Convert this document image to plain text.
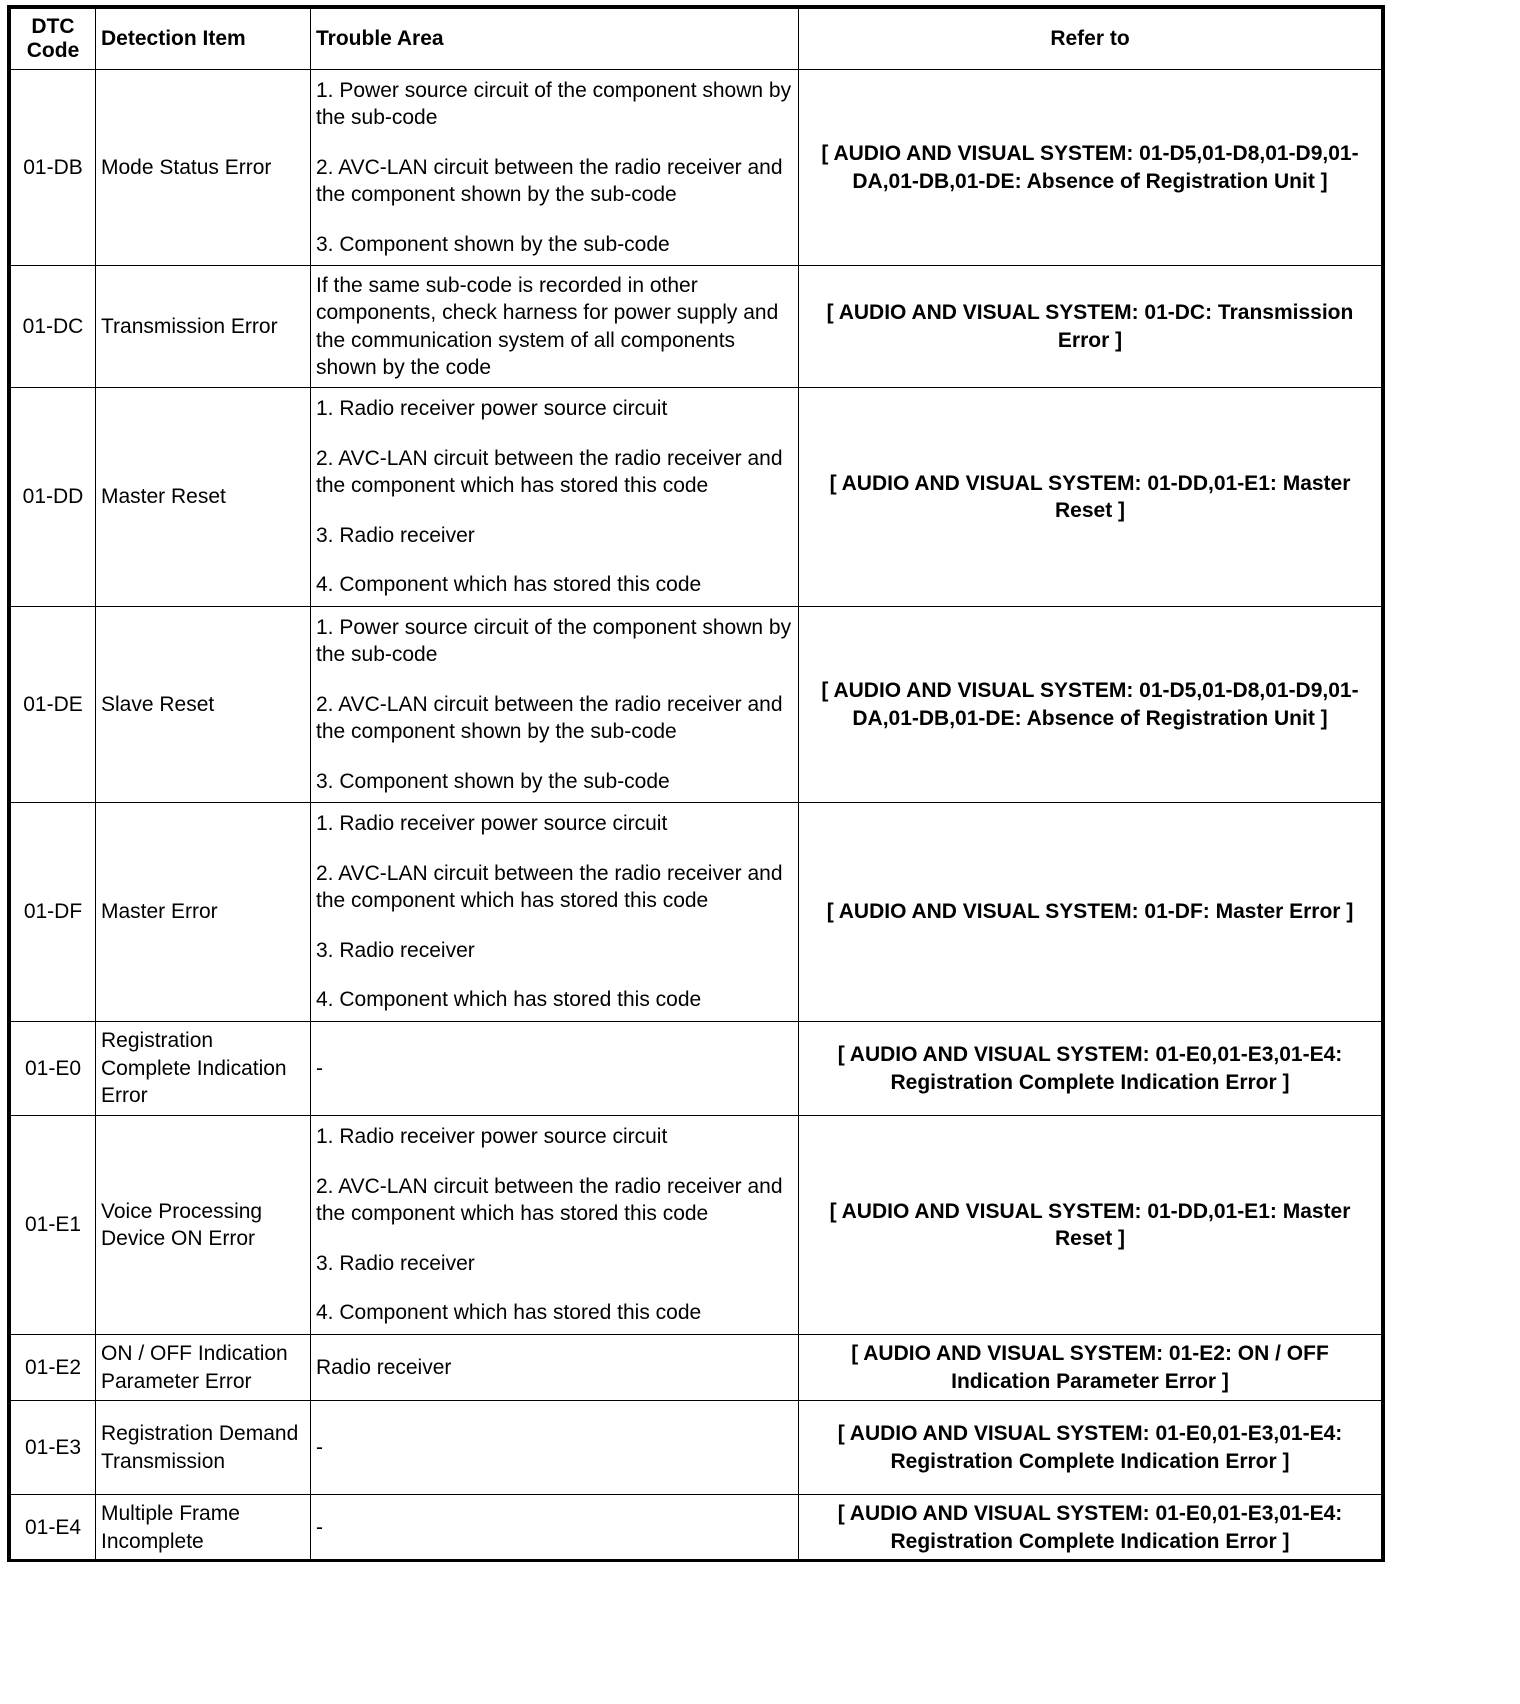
DTC
Code	Detection Item	Trouble Area	Refer to
01-DB	Mode Status Error	1. Power source circuit of the component shown by the sub-code

2. AVC-LAN circuit between the radio receiver and the component shown by the sub-code

3. Component shown by the sub-code	[ AUDIO AND VISUAL SYSTEM: 01-D5,01-D8,01-D9,01-DA,01-DB,01-DE: Absence of Registration Unit ]
01-DC	Transmission Error	If the same sub-code is recorded in other components, check harness for power supply and the communication system of all components shown by the code	[ AUDIO AND VISUAL SYSTEM: 01-DC: Transmission Error ]
01-DD	Master Reset	1. Radio receiver power source circuit

2. AVC-LAN circuit between the radio receiver and the component which has stored this code

3. Radio receiver

4. Component which has stored this code	[ AUDIO AND VISUAL SYSTEM: 01-DD,01-E1: Master Reset ]
01-DE	Slave Reset	1. Power source circuit of the component shown by the sub-code

2. AVC-LAN circuit between the radio receiver and the component shown by the sub-code

3. Component shown by the sub-code	[ AUDIO AND VISUAL SYSTEM: 01-D5,01-D8,01-D9,01-DA,01-DB,01-DE: Absence of Registration Unit ]
01-DF	Master Error	1. Radio receiver power source circuit

2. AVC-LAN circuit between the radio receiver and the component which has stored this code

3. Radio receiver

4. Component which has stored this code	[ AUDIO AND VISUAL SYSTEM: 01-DF: Master Error ]
01-E0	Registration Complete Indication Error	-	[ AUDIO AND VISUAL SYSTEM: 01-E0,01-E3,01-E4: Registration Complete Indication Error ]
01-E1	Voice Processing Device ON Error	1. Radio receiver power source circuit

2. AVC-LAN circuit between the radio receiver and the component which has stored this code

3. Radio receiver

4. Component which has stored this code	[ AUDIO AND VISUAL SYSTEM: 01-DD,01-E1: Master Reset ]
01-E2	ON / OFF Indication Parameter Error	Radio receiver	[ AUDIO AND VISUAL SYSTEM: 01-E2: ON / OFF Indication Parameter Error ]
01-E3	Registration Demand Transmission	-	[ AUDIO AND VISUAL SYSTEM: 01-E0,01-E3,01-E4: Registration Complete Indication Error ]
01-E4	Multiple Frame Incomplete	-	[ AUDIO AND VISUAL SYSTEM: 01-E0,01-E3,01-E4: Registration Complete Indication Error ]
